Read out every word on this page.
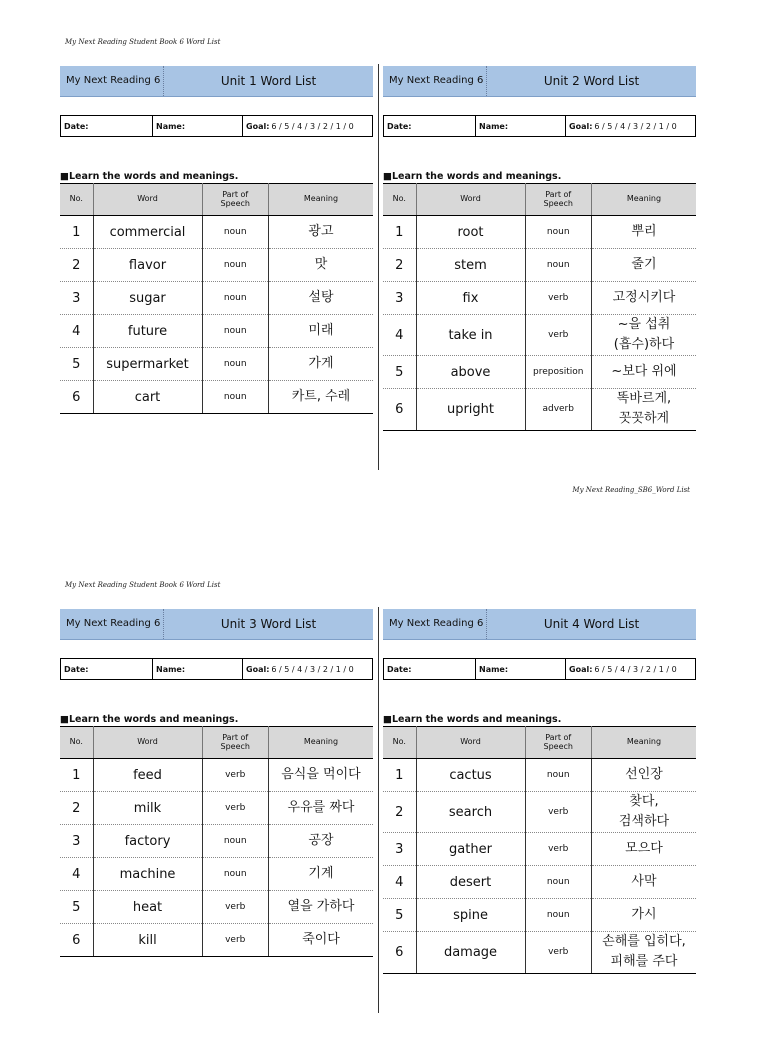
My Next Reading Student Book 6 Word List
My Next Reading 6	Unit 1 Word List
Date:	Name:	Goal: 6 / 5 / 4 / 3 / 2 / 1 / 0
■Learn the words and meanings.
No.	Word	Part of Speech	Meaning
1	commercial	noun	광고
2	flavor	noun	맛
3	sugar	noun	설탕
4	future	noun	미래
5	supermarket	noun	가게
6	cart	noun	카트, 수레
My Next Reading 6	Unit 2 Word List
Date:	Name:	Goal: 6 / 5 / 4 / 3 / 2 / 1 / 0
■Learn the words and meanings.
No.	Word	Part of Speech	Meaning
1	root	noun	뿌리
2	stem	noun	줄기
3	fix	verb	고정시키다
4	take in	verb	~을 섭취
(흡수)하다
5	above	preposition	~보다 위에
6	upright	adverb	똑바르게,
꼿꼿하게
My Next Reading_SB6_Word List
My Next Reading Student Book 6 Word List
My Next Reading 6	Unit 3 Word List
Date:	Name:	Goal: 6 / 5 / 4 / 3 / 2 / 1 / 0
■Learn the words and meanings.
No.	Word	Part of Speech	Meaning
1	feed	verb	음식을 먹이다
2	milk	verb	우유를 짜다
3	factory	noun	공장
4	machine	noun	기계
5	heat	verb	열을 가하다
6	kill	verb	죽이다
My Next Reading 6	Unit 4 Word List
Date:	Name:	Goal: 6 / 5 / 4 / 3 / 2 / 1 / 0
■Learn the words and meanings.
No.	Word	Part of Speech	Meaning
1	cactus	noun	선인장
2	search	verb	찾다,
검색하다
3	gather	verb	모으다
4	desert	noun	사막
5	spine	noun	가시
6	damage	verb	손해를 입히다,
피해를 주다
